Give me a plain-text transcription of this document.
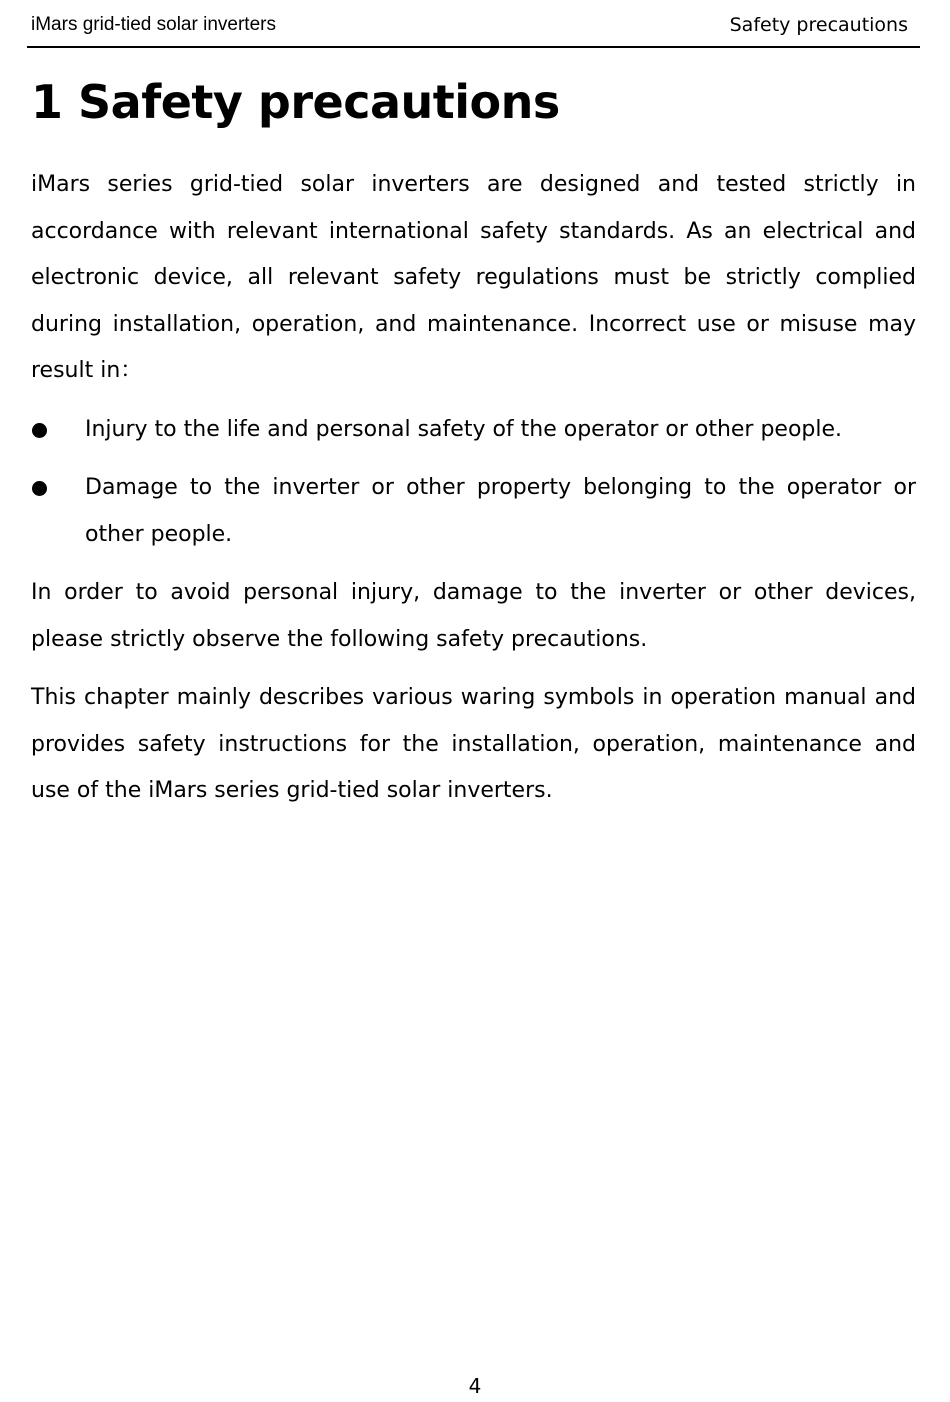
iMars grid-tied solar inverters	Safety precautions
1 Safety precautions

iMars series grid-tied solar inverters are designed and tested strictly in accordance with relevant international safety standards. As an electrical and electronic device, all relevant safety regulations must be strictly complied during installation, operation, and maintenance. Incorrect use or misuse may result in：

Injury to the life and personal safety of the operator or other people.
Damage to the inverter or other property belonging to the operator or other people.

In order to avoid personal injury, damage to the inverter or other devices, please strictly observe the following safety precautions.

This chapter mainly describes various waring symbols in operation manual and provides safety instructions for the installation, operation, maintenance and use of the iMars series grid-tied solar inverters.

4
